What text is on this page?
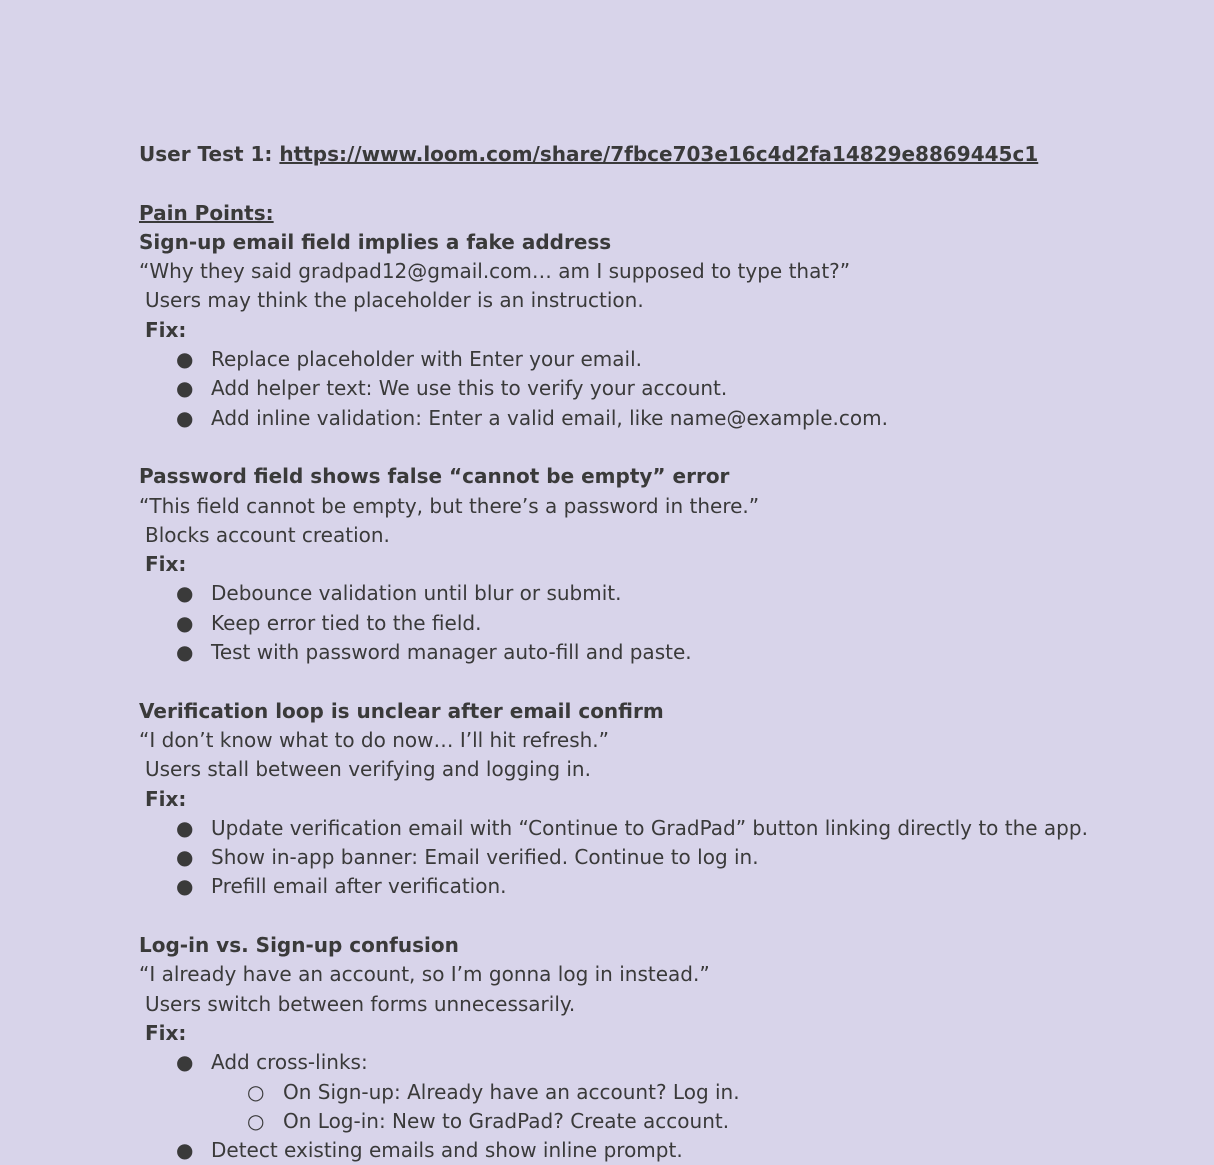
User Test 1: https://www.loom.com/share/7fbce703e16c4d2fa14829e8869445c1
Pain Points:
Sign-up email field implies a fake address
“Why they said gradpad12@gmail.com… am I supposed to type that?”
Users may think the placeholder is an instruction.
Fix:
● Replace placeholder with Enter your email.
● Add helper text: We use this to verify your account.
● Add inline validation: Enter a valid email, like name@example.com.
Password field shows false “cannot be empty” error
“This field cannot be empty, but there’s a password in there.”
Blocks account creation.
Fix:
● Debounce validation until blur or submit.
● Keep error tied to the field.
● Test with password manager auto-fill and paste.
Verification loop is unclear after email confirm
“I don’t know what to do now… I’ll hit refresh.”
Users stall between verifying and logging in.
Fix:
● Update verification email with “Continue to GradPad” button linking directly to the app.
● Show in-app banner: Email verified. Continue to log in.
● Prefill email after verification.
Log-in vs. Sign-up confusion
“I already have an account, so I’m gonna log in instead.”
Users switch between forms unnecessarily.
Fix:
● Add cross-links:
○ On Sign-up: Already have an account? Log in.
○ On Log-in: New to GradPad? Create account.
● Detect existing emails and show inline prompt.
